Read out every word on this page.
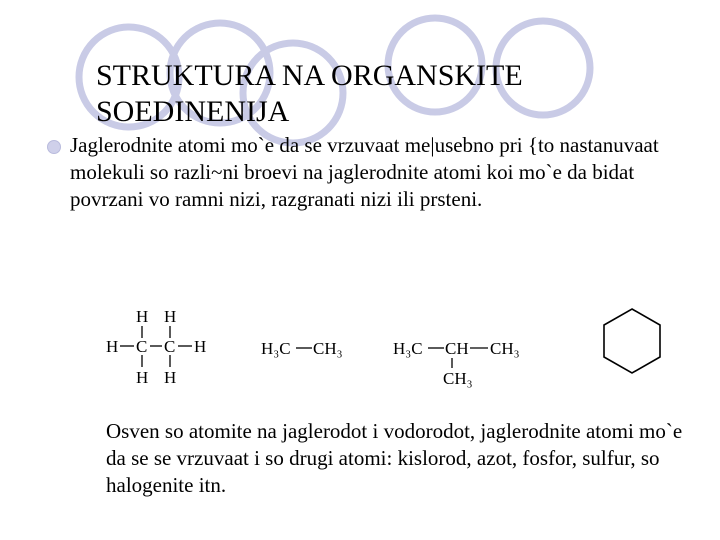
STRUKTURA NA ORGANSKITE
SOEDINENIJA
Jaglerodnite atomi mo`e da se vrzuvaat me|usebno pri {to nastanuvaat molekuli so razli~ni broevi na jaglerodnite atomi koi mo`e da bidat povrzani vo ramni nizi, razgranati nizi ili prsteni.
H H
H C C H
H H
H₃C CH₃	H₃C CH CH₃
CH₃
Osven so atomite na jaglerodot i vodorodot, jaglerodnite atomi mo`e da se se vrzuvaat i so drugi atomi: kislorod, azot, fosfor, sulfur, so halogenite itn.
